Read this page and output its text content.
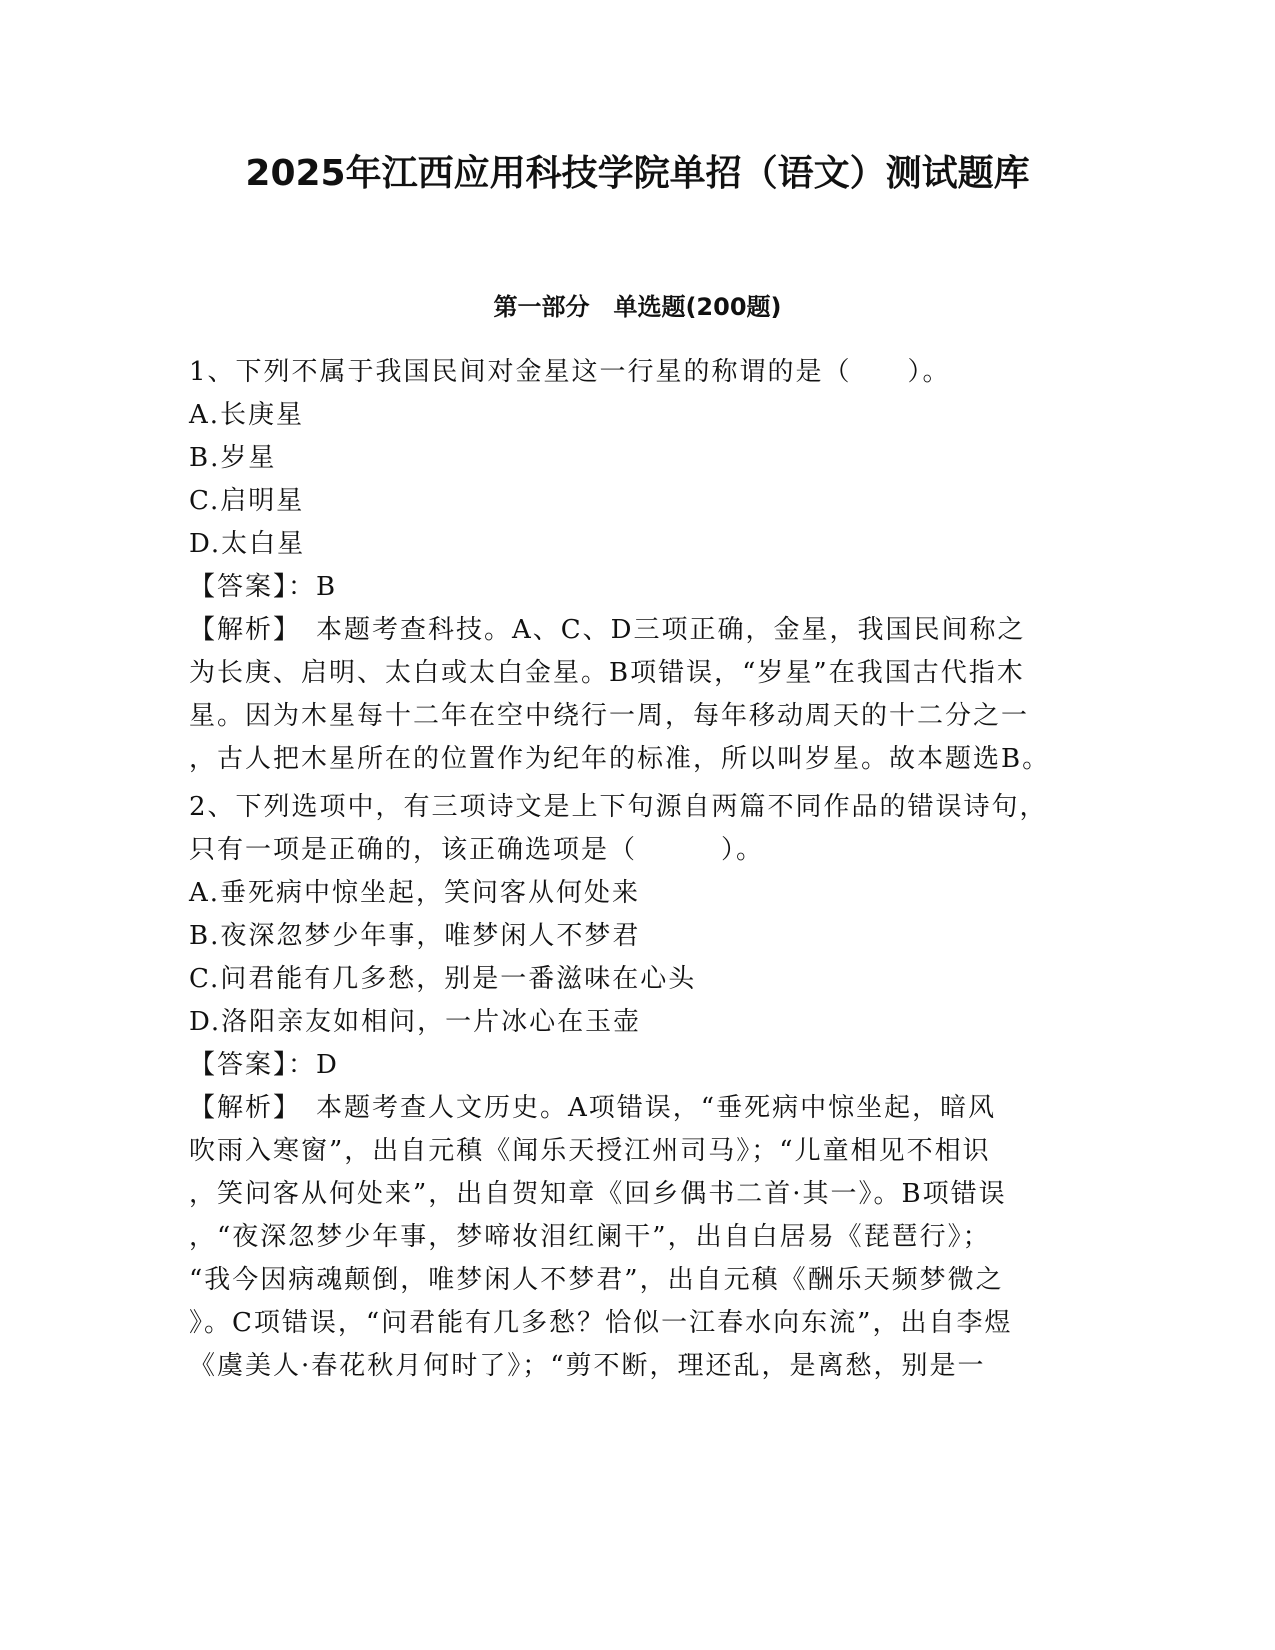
2025年江西应用科技学院单招（语文）测试题库
第一部分　单选题(200题)
1、下列不属于我国民间对金星这一行星的称谓的是（　　）。
A.长庚星
B.岁星
C.启明星
D.太白星
【答案】：B
【解析】　本题考查科技。A、C、D三项正确，金星，我国民间称之
为长庚、启明、太白或太白金星。B项错误，“岁星”在我国古代指木
星。因为木星每十二年在空中绕行一周，每年移动周天的十二分之一
，古人把木星所在的位置作为纪年的标准，所以叫岁星。故本题选B。
2、下列选项中，有三项诗文是上下句源自两篇不同作品的错误诗句，
只有一项是正确的，该正确选项是（　　　）。
A.垂死病中惊坐起，笑问客从何处来
B.夜深忽梦少年事，唯梦闲人不梦君
C.问君能有几多愁，别是一番滋味在心头
D.洛阳亲友如相问，一片冰心在玉壶
【答案】：D
【解析】　本题考查人文历史。A项错误，“垂死病中惊坐起，暗风
吹雨入寒窗”，出自元稹《闻乐天授江州司马》；“儿童相见不相识
，笑问客从何处来”，出自贺知章《回乡偶书二首·其一》。B项错误
，“夜深忽梦少年事，梦啼妆泪红阑干”，出自白居易《琵琶行》；
“我今因病魂颠倒，唯梦闲人不梦君”，出自元稹《酬乐天频梦微之
》。C项错误，“问君能有几多愁？恰似一江春水向东流”，出自李煜
《虞美人·春花秋月何时了》；“剪不断，理还乱，是离愁，别是一
